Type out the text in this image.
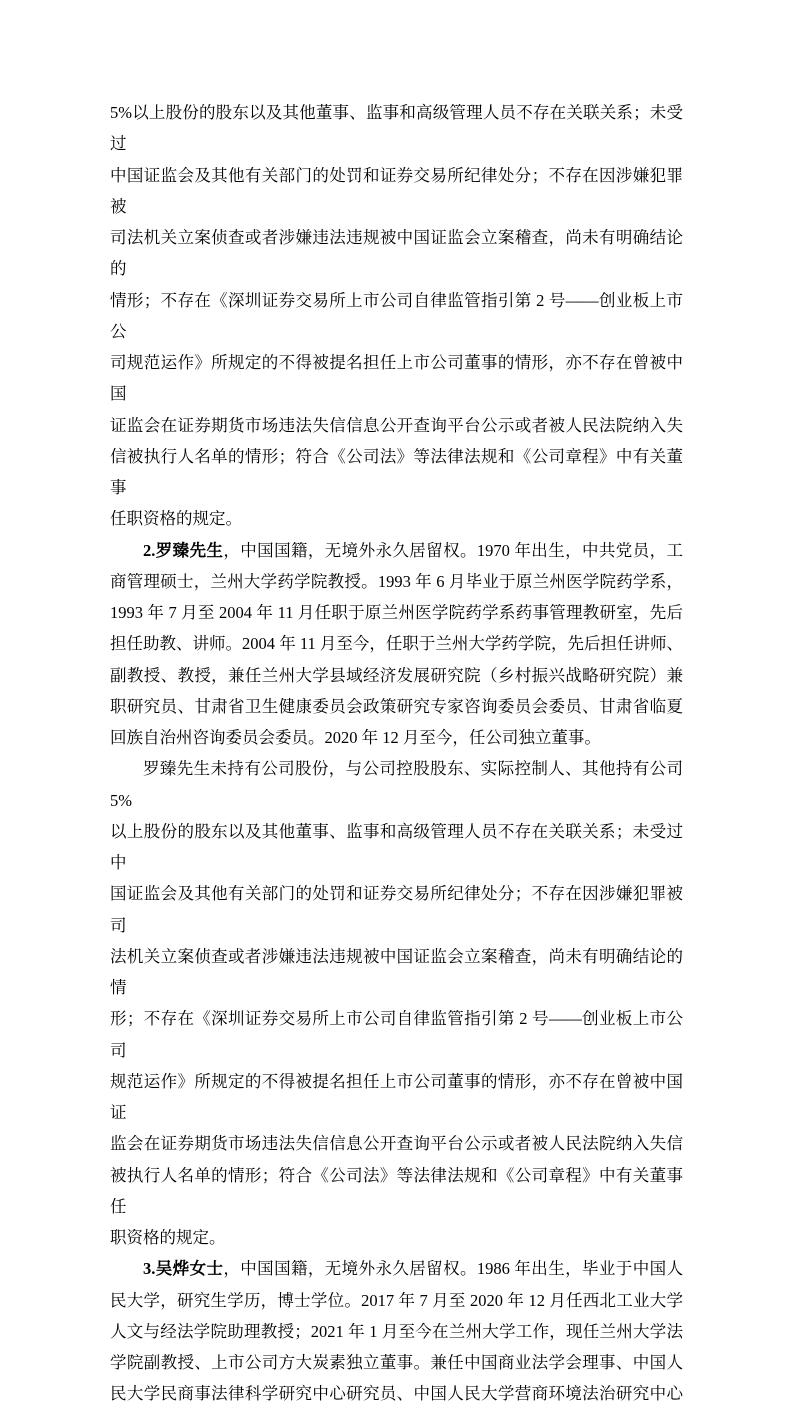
5%以上股份的股东以及其他董事、监事和高级管理人员不存在关联关系；未受过
中国证监会及其他有关部门的处罚和证券交易所纪律处分；不存在因涉嫌犯罪被
司法机关立案侦查或者涉嫌违法违规被中国证监会立案稽查，尚未有明确结论的
情形；不存在《深圳证券交易所上市公司自律监管指引第 2 号——创业板上市公
司规范运作》所规定的不得被提名担任上市公司董事的情形，亦不存在曾被中国
证监会在证券期货市场违法失信信息公开查询平台公示或者被人民法院纳入失
信被执行人名单的情形；符合《公司法》等法律法规和《公司章程》中有关董事
任职资格的规定。
2.罗臻先生，中国国籍，无境外永久居留权。1970 年出生，中共党员，工
商管理硕士，兰州大学药学院教授。1993 年 6 月毕业于原兰州医学院药学系，
1993 年 7 月至 2004 年 11 月任职于原兰州医学院药学系药事管理教研室，先后
担任助教、讲师。2004 年 11 月至今，任职于兰州大学药学院，先后担任讲师、
副教授、教授，兼任兰州大学县域经济发展研究院（乡村振兴战略研究院）兼
职研究员、甘肃省卫生健康委员会政策研究专家咨询委员会委员、甘肃省临夏
回族自治州咨询委员会委员。2020 年 12 月至今，任公司独立董事。
罗臻先生未持有公司股份，与公司控股股东、实际控制人、其他持有公司 5%
以上股份的股东以及其他董事、监事和高级管理人员不存在关联关系；未受过中
国证监会及其他有关部门的处罚和证券交易所纪律处分；不存在因涉嫌犯罪被司
法机关立案侦查或者涉嫌违法违规被中国证监会立案稽查，尚未有明确结论的情
形；不存在《深圳证券交易所上市公司自律监管指引第 2 号——创业板上市公司
规范运作》所规定的不得被提名担任上市公司董事的情形，亦不存在曾被中国证
监会在证券期货市场违法失信信息公开查询平台公示或者被人民法院纳入失信
被执行人名单的情形；符合《公司法》等法律法规和《公司章程》中有关董事任
职资格的规定。
3.吴烨女士，中国国籍，无境外永久居留权。1986 年出生，毕业于中国人
民大学，研究生学历，博士学位。2017 年 7 月至 2020 年 12 月任西北工业大学
人文与经法学院助理教授；2021 年 1 月至今在兰州大学工作，现任兰州大学法
学院副教授、上市公司方大炭素独立董事。兼任中国商业法学会理事、中国人
民大学民商事法律科学研究中心研究员、中国人民大学营商环境法治研究中心
